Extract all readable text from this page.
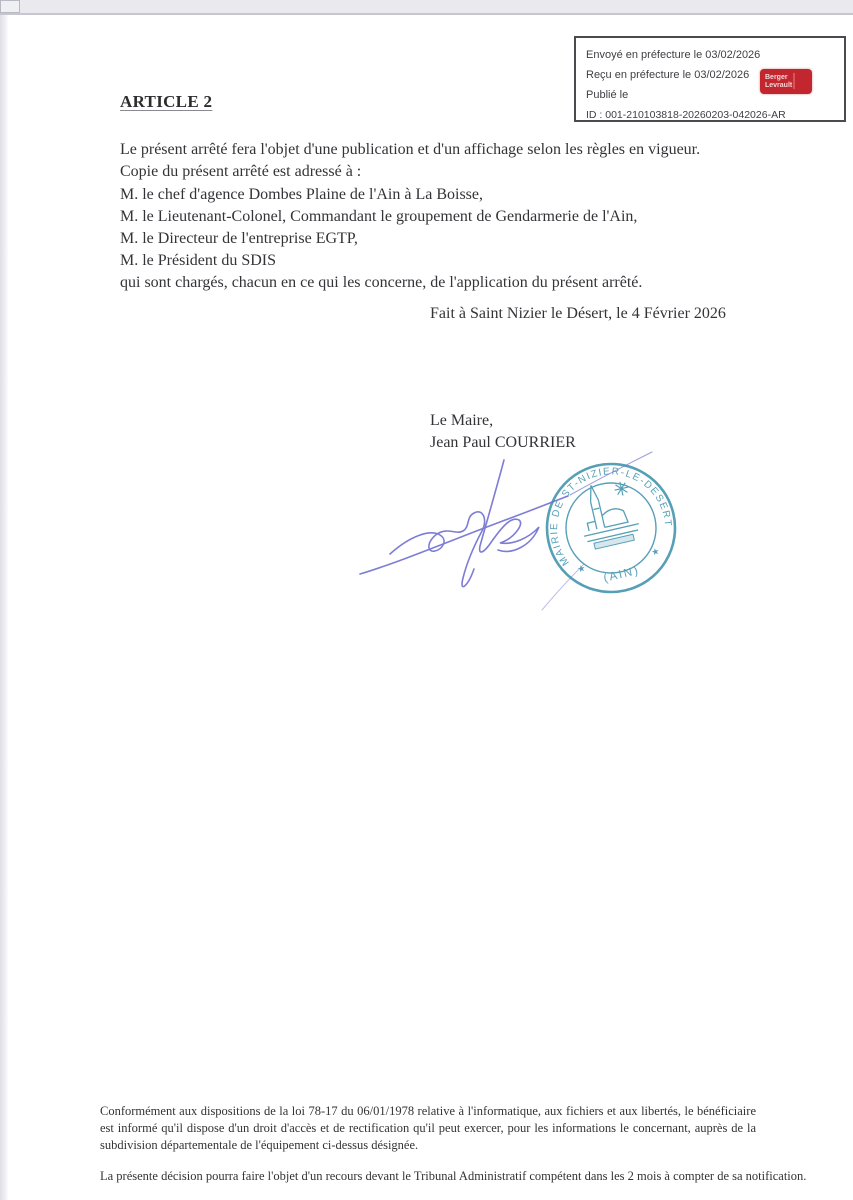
Envoyé en préfecture le 03/02/2026
Reçu en préfecture le 03/02/2026
Publié le
ID : 001-210103818-20260203-042026-AR
Berger
Levrault
ARTICLE 2
Le présent arrêté fera l'objet d'une publication et d'un affichage selon les règles en vigueur.
Copie du présent arrêté est adressé à :
M. le chef d'agence Dombes Plaine de l'Ain à La Boisse,
M. le Lieutenant-Colonel, Commandant le groupement de Gendarmerie de l'Ain,
M. le Directeur de l'entreprise EGTP,
M. le Président du SDIS
qui sont chargés, chacun en ce qui les concerne, de l'application du présent arrêté.
Fait à Saint Nizier le Désert, le 4 Février 2026
Le Maire,
Jean Paul COURRIER
MAIRIE DE ST-NIZIER-LE-DESERT
★
★
(AIN)
Conformément aux dispositions de la loi 78-17 du 06/01/1978 relative à l'informatique, aux fichiers et aux libertés, le bénéficiaire est informé qu'il dispose d'un droit d'accès et de rectification qu'il peut exercer, pour les informations le concernant, auprès de la subdivision départementale de l'équipement ci-dessus désignée.
La présente décision pourra faire l'objet d'un recours devant le Tribunal Administratif compétent dans les 2 mois à compter de sa notification.
